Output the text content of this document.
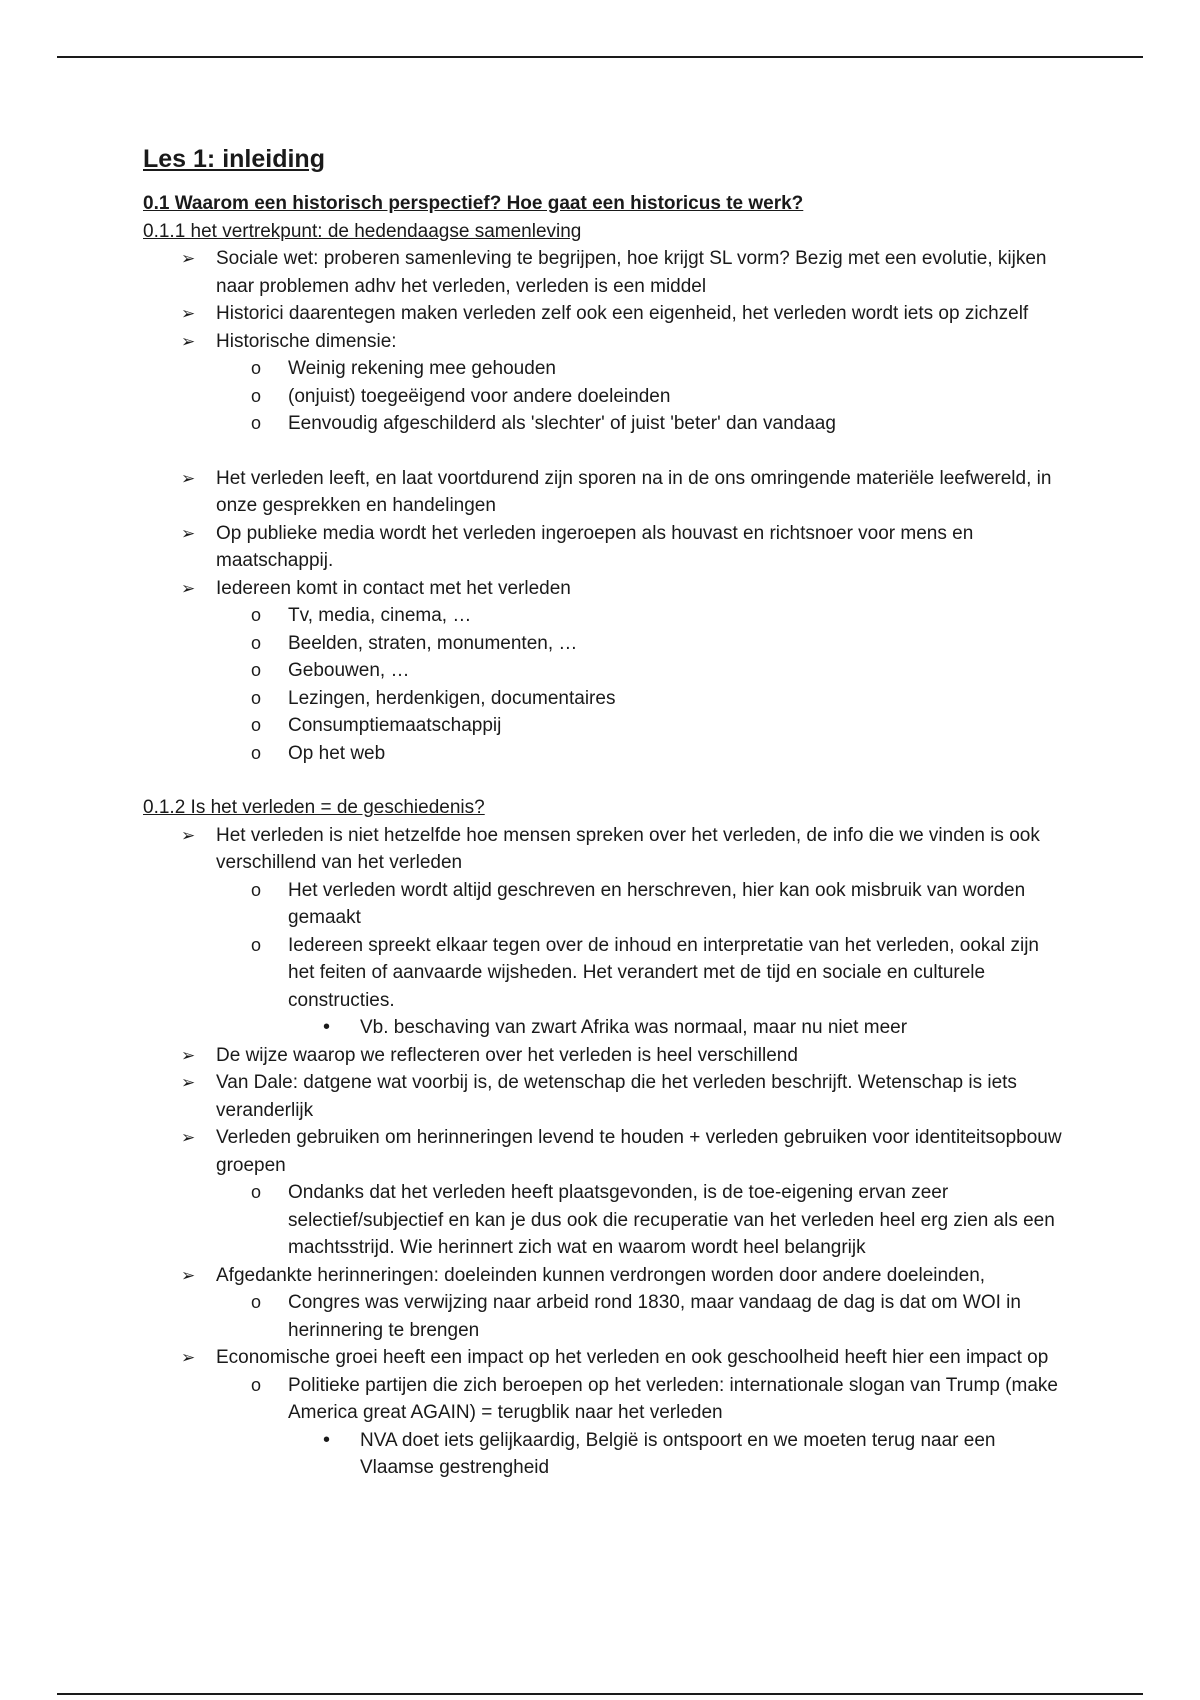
Les 1: inleiding
0.1 Waarom een historisch perspectief? Hoe gaat een historicus te werk?
0.1.1 het vertrekpunt: de hedendaagse samenleving
➢ Sociale wet: proberen samenleving te begrijpen, hoe krijgt SL vorm? Bezig met een evolutie, kijken naar problemen adhv het verleden, verleden is een middel
➢ Historici daarentegen maken verleden zelf ook een eigenheid, het verleden wordt iets op zichzelf
➢ Historische dimensie:
o Weinig rekening mee gehouden
o (onjuist) toegeëigend voor andere doeleinden
o Eenvoudig afgeschilderd als 'slechter' of juist 'beter' dan vandaag
➢ Het verleden leeft, en laat voortdurend zijn sporen na in de ons omringende materiële leefwereld, in onze gesprekken en handelingen
➢ Op publieke media wordt het verleden ingeroepen als houvast en richtsnoer voor mens en maatschappij.
➢ Iedereen komt in contact met het verleden
o Tv, media, cinema, …
o Beelden, straten, monumenten, …
o Gebouwen, …
o Lezingen, herdenkigen, documentaires
o Consumptiemaatschappij
o Op het web
0.1.2 Is het verleden = de geschiedenis?
➢ Het verleden is niet hetzelfde hoe mensen spreken over het verleden, de info die we vinden is ook verschillend van het verleden
o Het verleden wordt altijd geschreven en herschreven, hier kan ook misbruik van worden gemaakt
o Iedereen spreekt elkaar tegen over de inhoud en interpretatie van het verleden, ookal zijn het feiten of aanvaarde wijsheden. Het verandert met de tijd en sociale en culturele constructies.
• Vb. beschaving van zwart Afrika was normaal, maar nu niet meer
➢ De wijze waarop we reflecteren over het verleden is heel verschillend
➢ Van Dale: datgene wat voorbij is, de wetenschap die het verleden beschrijft. Wetenschap is iets veranderlijk
➢ Verleden gebruiken om herinneringen levend te houden + verleden gebruiken voor identiteitsopbouw groepen
o Ondanks dat het verleden heeft plaatsgevonden, is de toe-eigening ervan zeer selectief/subjectief en kan je dus ook die recuperatie van het verleden heel erg zien als een machtsstrijd. Wie herinnert zich wat en waarom wordt heel belangrijk
➢ Afgedankte herinneringen: doeleinden kunnen verdrongen worden door andere doeleinden,
o Congres was verwijzing naar arbeid rond 1830, maar vandaag de dag is dat om WOI in herinnering te brengen
➢ Economische groei heeft een impact op het verleden en ook geschoolheid heeft hier een impact op
o Politieke partijen die zich beroepen op het verleden: internationale slogan van Trump (make America great AGAIN) = terugblik naar het verleden
• NVA doet iets gelijkaardig, België is ontspoort en we moeten terug naar een Vlaamse gestrengheid
